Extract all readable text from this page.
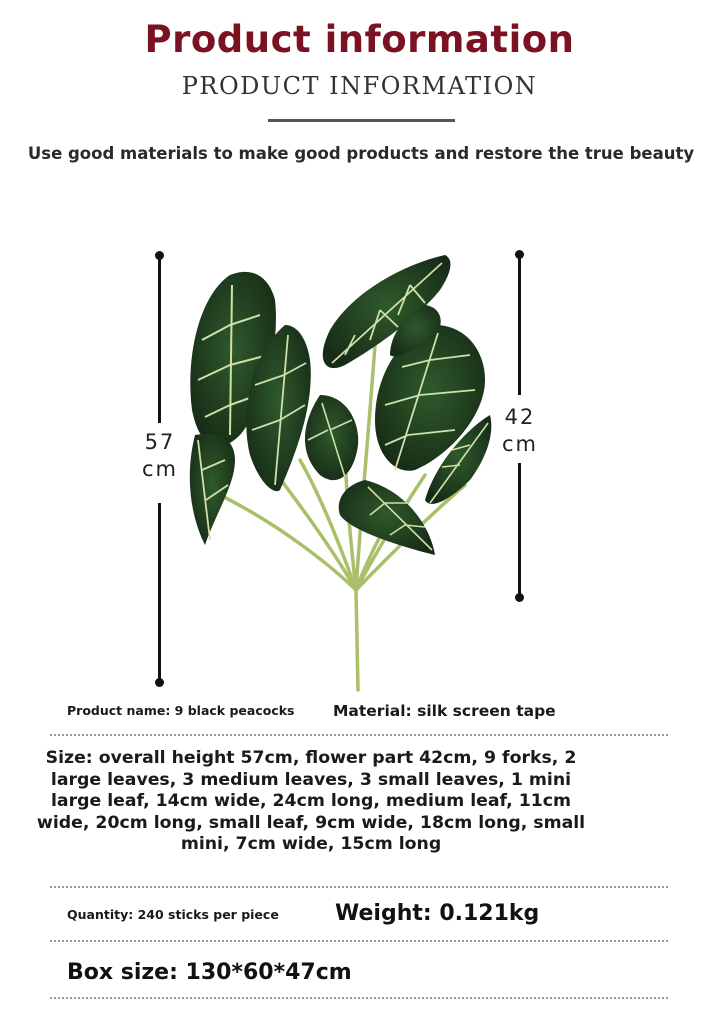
Product information
PRODUCT INFORMATION
Use good materials to make good products and restore the true beauty
57
cm
42
cm
Product name: 9 black peacocks Material: silk screen tape
Size: overall height 57cm, flower part 42cm, 9 forks, 2
large leaves, 3 medium leaves, 3 small leaves, 1 mini
large leaf, 14cm wide, 24cm long, medium leaf, 11cm
wide, 20cm long, small leaf, 9cm wide, 18cm long, small
mini, 7cm wide, 15cm long
Quantity: 240 sticks per piece	Weight: 0.121kg
Box size: 130*60*47cm
